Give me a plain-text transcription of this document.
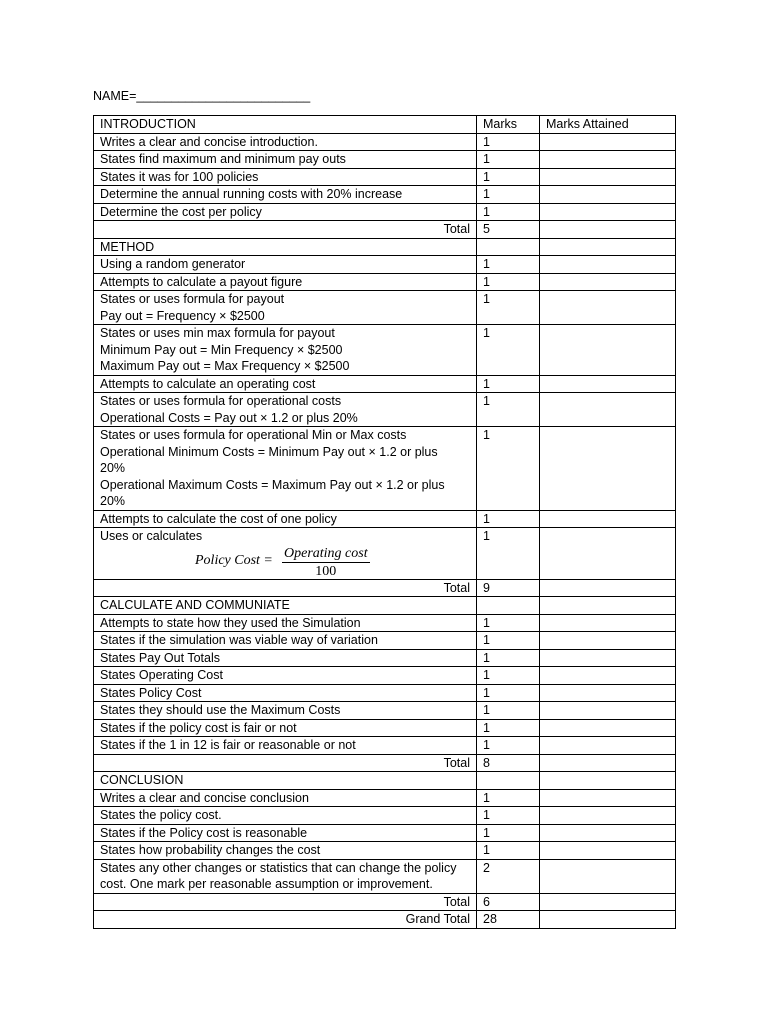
NAME=_________________________
INTRODUCTION	Marks	Marks Attained

Writes a clear and concise introduction.	1	

States find maximum and minimum pay outs	1	

States it was for 100 policies	1	

Determine the annual running costs with 20% increase	1	

Determine the cost per policy	1	
Total	5	
METHOD		

Using a random generator	1	

Attempts to calculate a payout figure	1	

States or uses formula for payout
Pay out = Frequency × $2500	1	

States or uses min max formula for payout
Minimum Pay out = Min Frequency × $2500
Maximum Pay out = Max Frequency × $2500	1	

Attempts to calculate an operating cost	1	

States or uses formula for operational costs
Operational Costs = Pay out × 1.2 or plus 20%	1	

States or uses formula for operational Min or Max costs
Operational Minimum Costs = Minimum Pay out × 1.2 or plus
20%
Operational Maximum Costs = Maximum Pay out × 1.2 or plus
20%	1	

Attempts to calculate the cost of one policy	1	

Uses or calculates
Policy Cost = Operating cost
100	1	
Total	9	
CALCULATE AND COMMUNIATE		

Attempts to state how they used the Simulation	1	

States if the simulation was viable way of variation	1	

States Pay Out Totals	1	

States Operating Cost	1	

States Policy Cost	1	

States they should use the Maximum Costs	1	

States if the policy cost is fair or not	1	

States if the 1 in 12 is fair or reasonable or not	1	
Total	8	
CONCLUSION		

Writes a clear and concise conclusion	1	

States the policy cost.	1	

States if the Policy cost is reasonable	1	

States how probability changes the cost	1	

States any other changes or statistics that can change the policy
cost. One mark per reasonable assumption or improvement.	2	
Total	6	
Grand Total	28	
